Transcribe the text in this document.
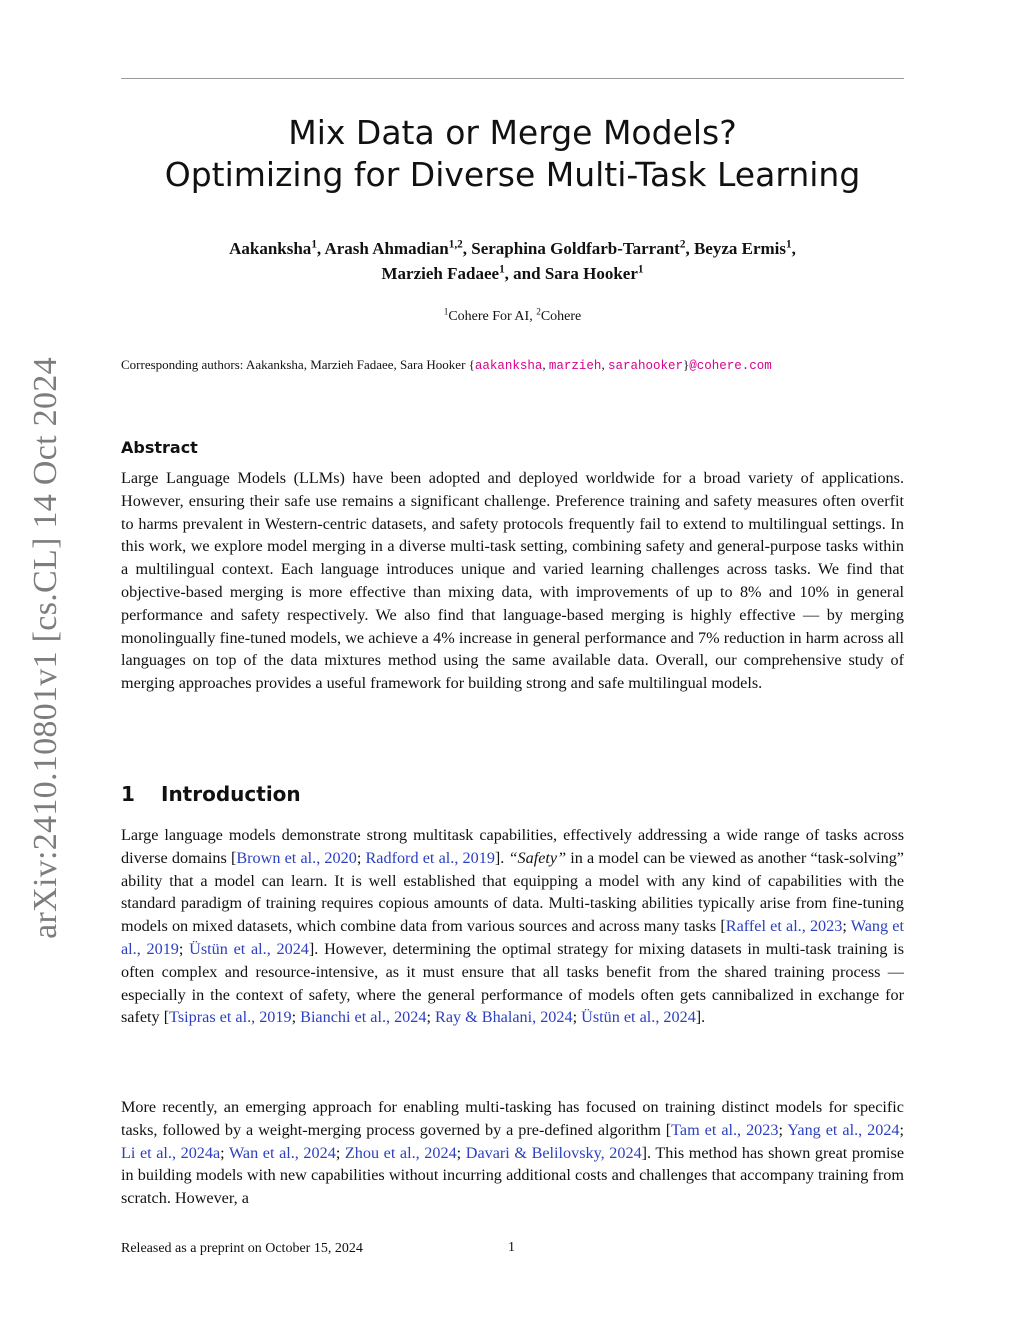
arXiv:2410.10801v1 [cs.CL] 14 Oct 2024
Mix Data or Merge Models?
Optimizing for Diverse Multi-Task Learning
Aakanksha$^1$, Arash Ahmadian$^{1,2}$, Seraphina Goldfarb-Tarrant$^2$, Beyza Ermis$^1$,
Marzieh Fadaee$^1$, and Sara Hooker$^1$
$^1$Cohere For AI, $^2$Cohere
Corresponding authors: Aakanksha, Marzieh Fadaee, Sara Hooker {aakanksha, marzieh, sarahooker}@cohere.com
Abstract

Large Language Models (LLMs) have been adopted and deployed worldwide for a broad variety of applications. However, ensuring their safe use remains a significant challenge. Preference training and safety measures often overfit to harms prevalent in Western-centric datasets, and safety protocols frequently fail to extend to multilingual settings. In this work, we explore model merging in a diverse multi-task setting, combining safety and general-purpose tasks within a multilingual context. Each language introduces unique and varied learning challenges across tasks. We find that objective-based merging is more effective than mixing data, with improvements of up to 8% and 10% in general performance and safety respectively. We also find that language-based merging is highly effective — by merging monolingually fine-tuned models, we achieve a 4% increase in general performance and 7% reduction in harm across all languages on top of the data mixtures method using the same available data. Overall, our comprehensive study of merging approaches provides a useful framework for building strong and safe multilingual models.

1 Introduction

Large language models demonstrate strong multitask capabilities, effectively addressing a wide range of tasks across diverse domains [Brown et al., 2020; Radford et al., 2019]. “Safety” in a model can be viewed as another “task-solving” ability that a model can learn. It is well established that equipping a model with any kind of capabilities with the standard paradigm of training requires copious amounts of data. Multi-tasking abilities typically arise from fine-tuning models on mixed datasets, which combine data from various sources and across many tasks [Raffel et al., 2023; Wang et al., 2019; Üstün et al., 2024]. However, determining the optimal strategy for mixing datasets in multi-task training is often complex and resource-intensive, as it must ensure that all tasks benefit from the shared training process — especially in the context of safety, where the general performance of models often gets cannibalized in exchange for safety [Tsipras et al., 2019; Bianchi et al., 2024; Ray & Bhalani, 2024; Üstün et al., 2024].

More recently, an emerging approach for enabling multi-tasking has focused on training distinct models for specific tasks, followed by a weight-merging process governed by a pre-defined algorithm [Tam et al., 2023; Yang et al., 2024; Li et al., 2024a; Wan et al., 2024; Zhou et al., 2024; Davari & Belilovsky, 2024]. This method has shown great promise in building models with new capabilities without incurring additional costs and challenges that accompany training from scratch. However, a

Released as a preprint on October 15, 2024	1
